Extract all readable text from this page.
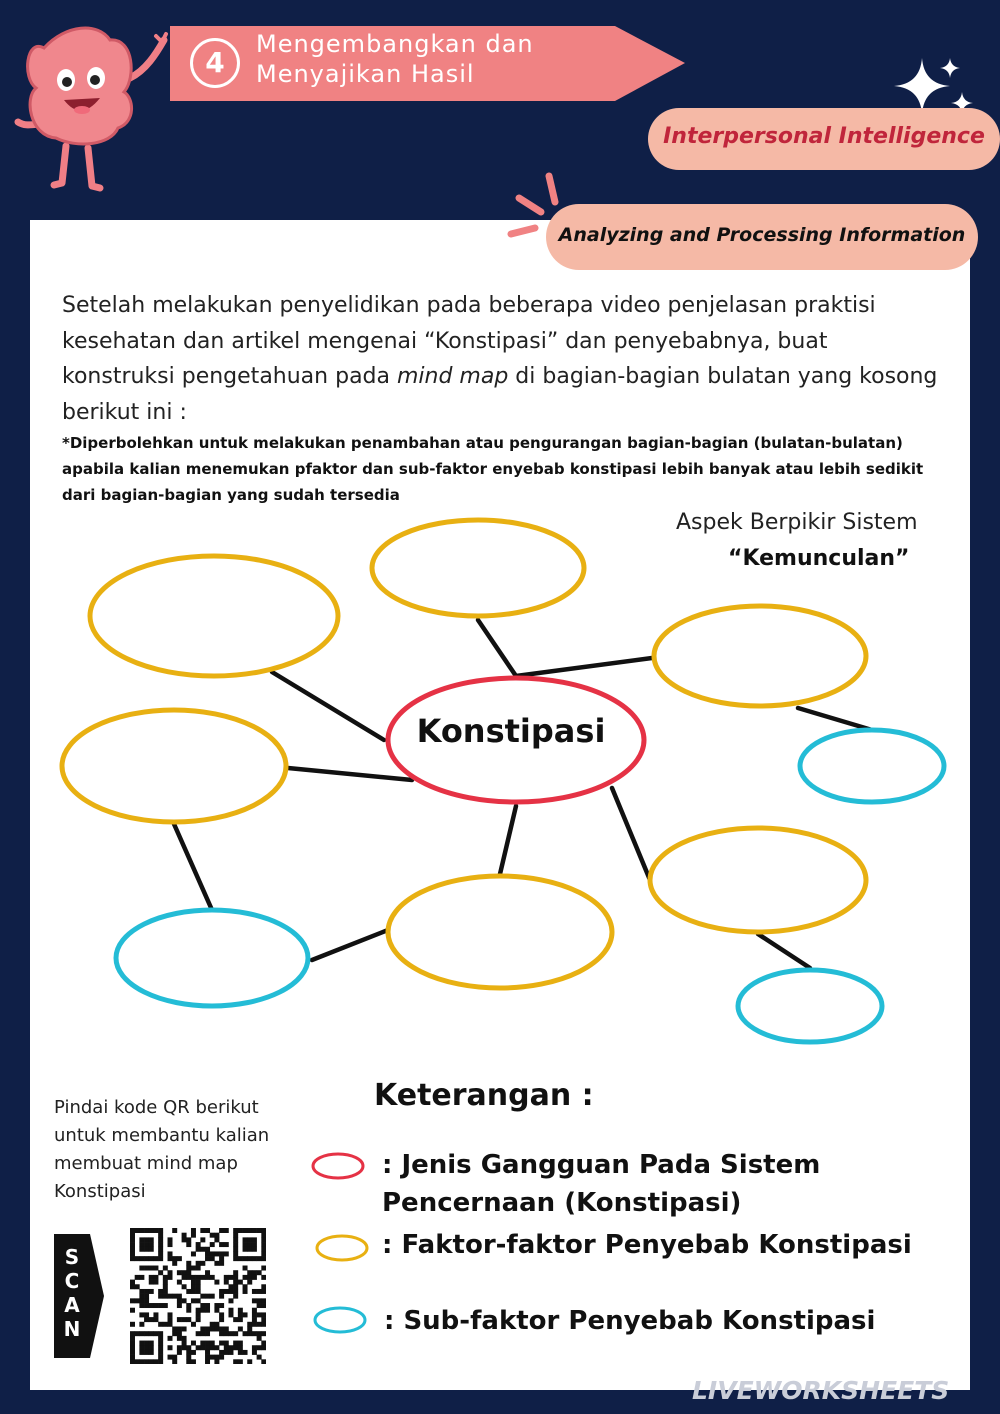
4
Mengembangkan dan
Menyajikan Hasil
Interpersonal Intelligence
Analyzing and Processing Information

Setelah melakukan penyelidikan pada beberapa video penjelasan praktisi kesehatan dan artikel mengenai “Konstipasi” dan penyebabnya, buat konstruksi pengetahuan pada mind map di bagian-bagian bulatan yang kosong berikut ini :

*Diperbolehkan untuk melakukan penambahan atau pengurangan bagian-bagian (bulatan-bulatan) apabila kalian menemukan pfaktor dan sub-faktor enyebab konstipasi lebih banyak atau lebih sedikit dari bagian-bagian yang sudah tersedia

Aspek Berpikir Sistem
“Kemunculan”
Konstipasi

Pindai kode QR berikut untuk membantu kalian membuat mind map Konstipasi

S
C
A
N
Keterangan :
: Jenis Gangguan Pada Sistem Pencernaan (Konstipasi)
: Faktor-faktor Penyebab Konstipasi
: Sub-faktor Penyebab Konstipasi
LIVEWORKSHEETS
